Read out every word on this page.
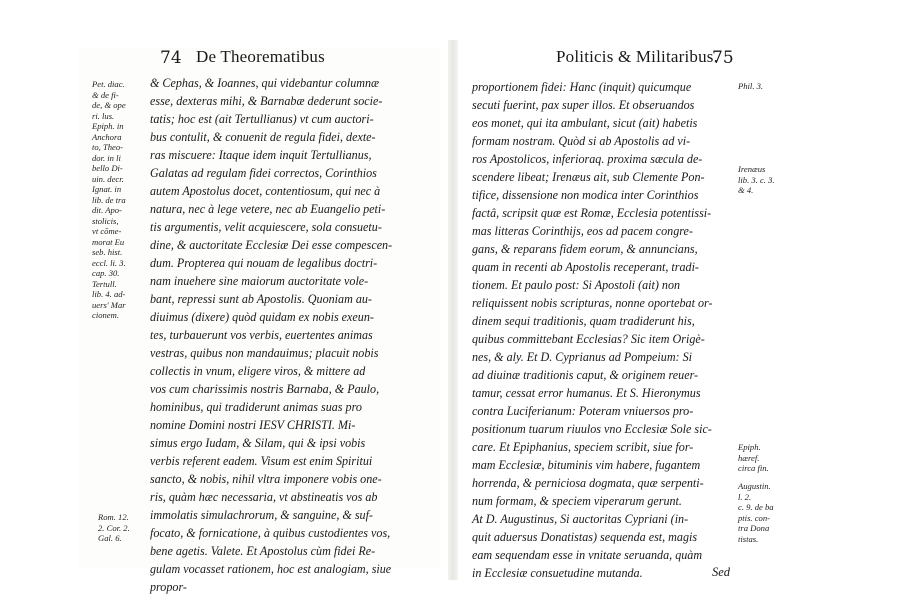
74 De Theorematibus
Pet. diac.
& de fi-
de, & ope
ri. lus.
Epiph. in
Anchora
to, Theo-
dor. in li
bello Di-
uin. decr.
Ignat. in
lib. de tra
dit. Apo-
stolicis,
vt cõme-
morat Eu
seb. hist.
eccl. li. 3.
cap. 30.
Tertull.
lib. 4. ad-
uers' Mar
cionem.
Rom. 12.
2. Cor. 2.
Gal. 6.
& Cephas, & Ioannes, qui videbantur columnæ
esse, dexteras mihi, & Barnabæ dederunt socie-
tatis; hoc est (ait Tertullianus) vt cum auctori-
bus contulit, & conuenit de regula fidei, dexte-
ras miscuere: Itaque idem inquit Tertullianus,
Galatas ad regulam fidei correctos, Corinthios
autem Apostolus docet, contentiosum, qui nec à
natura, nec à lege vetere, nec ab Euangelio peti-
tis argumentis, velit acquiescere, sola consuetu-
dine, & auctoritate Ecclesiæ Dei esse compescen-
dum. Propterea qui nouam de legalibus doctri-
nam inuehere sine maiorum auctoritate vole-
bant, repressi sunt ab Apostolis. Quoniam au-
diuimus (dixere) quòd quidam ex nobis exeun-
tes, turbauerunt vos verbis, euertentes animas
vestras, quibus non mandauimus; placuit nobis
collectis in vnum, eligere viros, & mittere ad
vos cum charissimis nostris Barnaba, & Paulo,
hominibus, qui tradiderunt animas suas pro
nomine Domini nostri IESV CHRISTI. Mi-
simus ergo Iudam, & Silam, qui & ipsi vobis
verbis referent eadem. Visum est enim Spiritui
sancto, & nobis, nihil vltra imponere vobis one-
ris, quàm hæc necessaria, vt abstineatis vos ab
immolatis simulachrorum, & sanguine, & suf-
focato, & fornicatione, à quibus custodientes vos,
bene agetis. Valete. Et Apostolus cùm fidei Re-
gulam vocasset rationem, hoc est analogiam, siue
propor-
Politicis & Militaribus.
75
proportionem fidei: Hanc (inquit) quicumque
secuti fuerint, pax super illos. Et obseruandos
eos monet, qui ita ambulant, sicut (ait) habetis
formam nostram. Quòd si ab Apostolis ad vi-
ros Apostolicos, inferioraq. proxima sæcula de-
scendere libeat; Irenæus ait, sub Clemente Pon-
tifice, dissensione non modica inter Corinthios
factâ, scripsit quæ est Romæ, Ecclesia potentissi-
mas litteras Corinthijs, eos ad pacem congre-
gans, & reparans fidem eorum, & annuncians,
quam in recenti ab Apostolis receperant, tradi-
tionem. Et paulo post: Si Apostoli (ait) non
reliquissent nobis scripturas, nonne oportebat or-
dinem sequi traditionis, quam tradiderunt his,
quibus committebant Ecclesias? Sic item Origè-
nes, & aly. Et D. Cyprianus ad Pompeium: Si
ad diuinæ traditionis caput, & originem reuer-
tamur, cessat error humanus. Et S. Hieronymus
contra Luciferianum: Poteram vniuersos pro-
positionum tuarum riuulos vno Ecclesiæ Sole sic-
care. Et Epiphanius, speciem scribit, siue for-
mam Ecclesiæ, bituminis vim habere, fugantem
horrenda, & perniciosa dogmata, quæ serpenti-
num formam, & speciem viperarum gerunt.
At D. Augustinus, Si auctoritas Cypriani (in-
quit aduersus Donatistas) sequenda est, magis
eam sequendam esse in vnitate seruanda, quàm
in Ecclesiæ consuetudine mutanda.
Phil. 3.
Irenæus
lib. 3. c. 3.
& 4.
Epiph.
hæref.
circa fin.
Augustin.
l. 2.
c. 9. de ba
ptis. con-
tra Dona
tistas.
Sed
